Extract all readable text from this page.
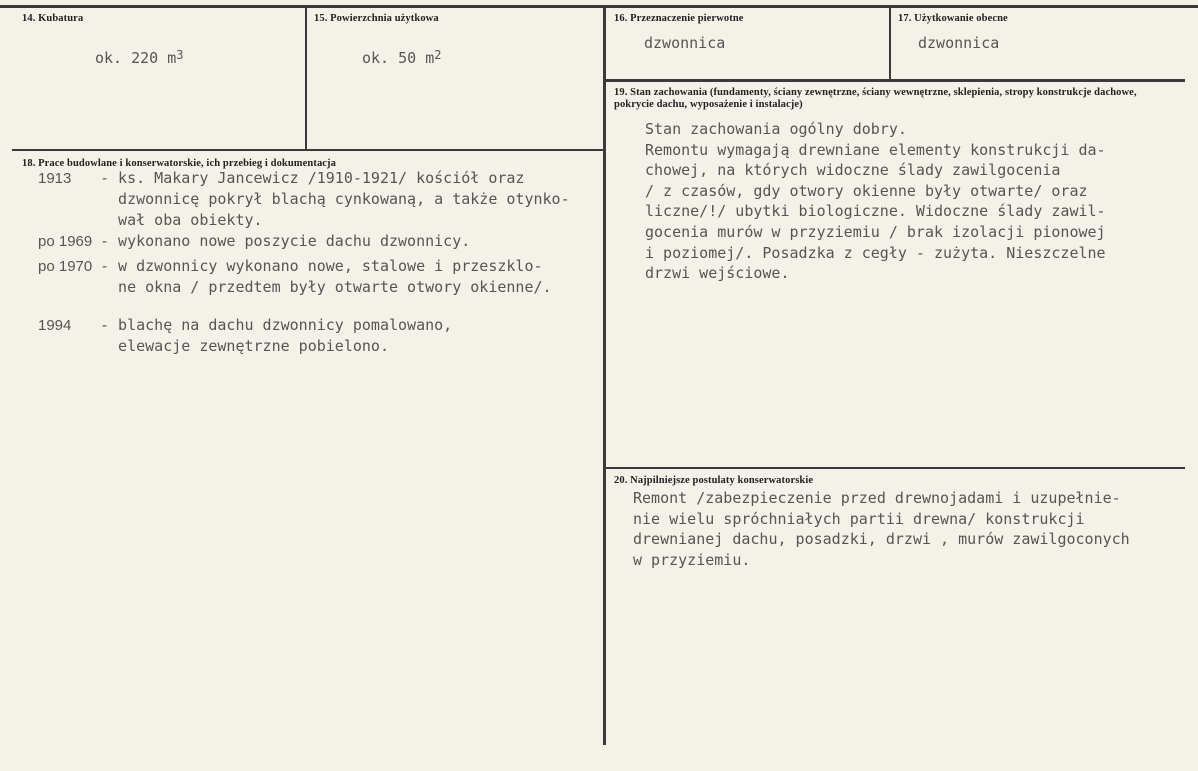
14. Kubatura
ok. 220 $m^3$
15. Powierzchnia użytkowa
ok. 50 $m^2$
16. Przeznaczenie pierwotne
dzwonnica
17. Użytkowanie obecne
dzwonnica
18. Prace budowlane i konserwatorskie, ich przebieg i dokumentacja
1913 - ks. Makary Jancewicz /1910-1921/ kościół oraz
dzwonnicę pokrył blachą cynkowaną, a także otynko-
wał oba obiekty.
po 1969 - wykonano nowe poszycie dachu dzwonnicy.
po 1970 - w dzwonnicy wykonano nowe, stalowe i przeszklo-
ne okna / przedtem były otwarte otwory okienne/.
1994 - blachę na dachu dzwonnicy pomalowano,
elewacje zewnętrzne pobielono.
19. Stan zachowania (fundamenty, ściany zewnętrzne, ściany wewnętrzne, sklepienia, stropy konstrukcje dachowe, pokrycie dachu, wyposażenie i instalacje)
Stan zachowania ogólny dobry.
Remontu wymagają drewniane elementy konstrukcji da-
chowej, na których widoczne ślady zawilgocenia
/ z czasów, gdy otwory okienne były otwarte/ oraz
liczne/!/ ubytki biologiczne. Widoczne ślady zawil-
gocenia murów w przyziemiu / brak izolacji pionowej
i poziomej/. Posadzka z cegły - zużyta. Nieszczelne
drzwi wejściowe.
20. Najpilniejsze postulaty konserwatorskie
Remont /zabezpieczenie przed drewnojadami i uzupełnie-
nie wielu spróchniałych partii drewna/ konstrukcji
drewnianej dachu, posadzki, drzwi , murów zawilgoconych
w przyziemiu.
